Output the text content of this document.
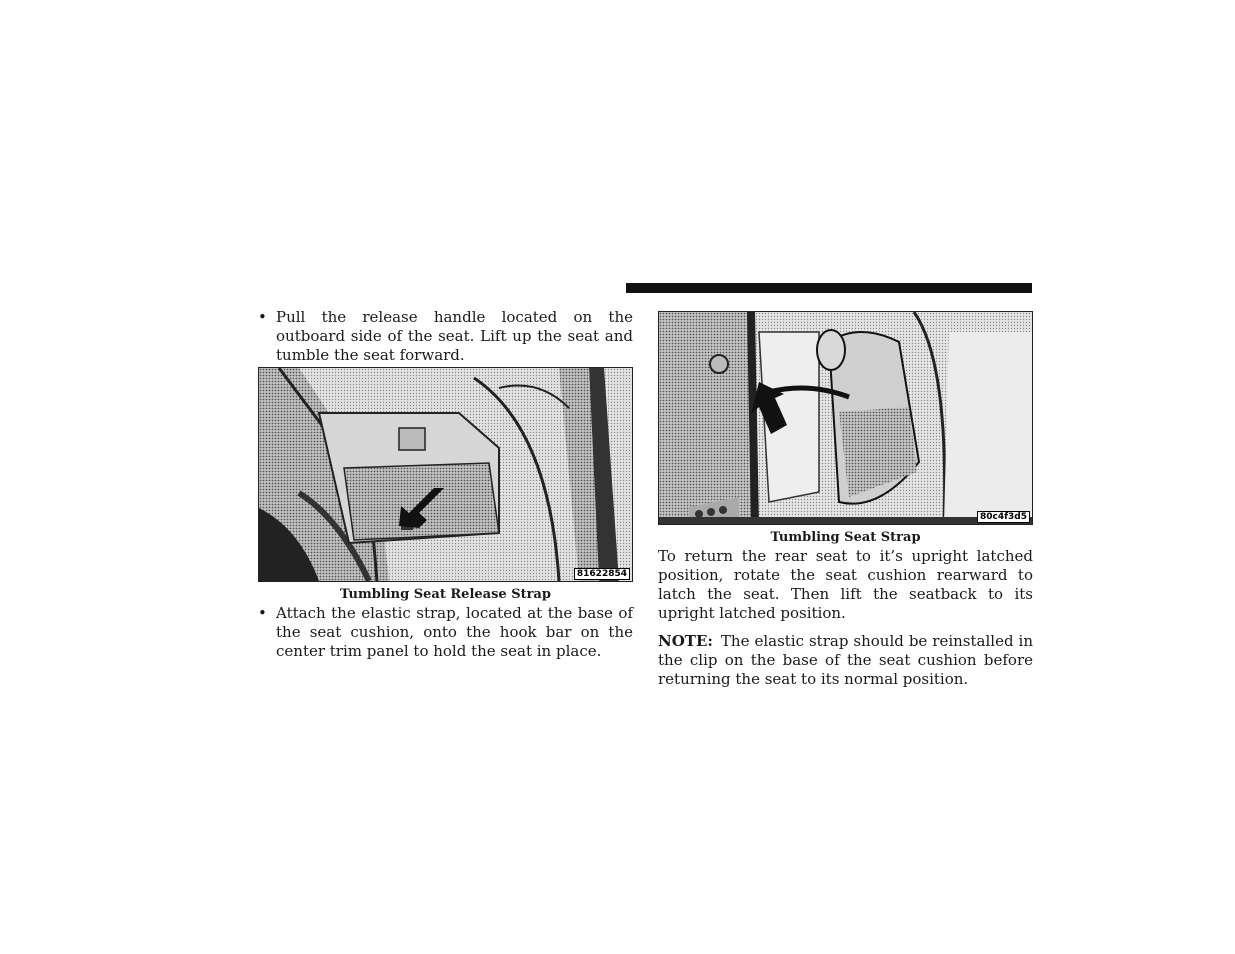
• Pull the release handle located on the outboard side of the seat. Lift up the seat and tumble the seat forward.
81622854
Tumbling Seat Release Strap
• Attach the elastic strap, located at the base of the seat cushion, onto the hook bar on the center trim panel to hold the seat in place.
80c4f3d5
Tumbling Seat Strap

To return the rear seat to it’s upright latched position, rotate the seat cushion rearward to latch the seat. Then lift the seatback to its upright latched position.

NOTE: The elastic strap should be reinstalled in the clip on the base of the seat cushion before returning the seat to its normal position.
